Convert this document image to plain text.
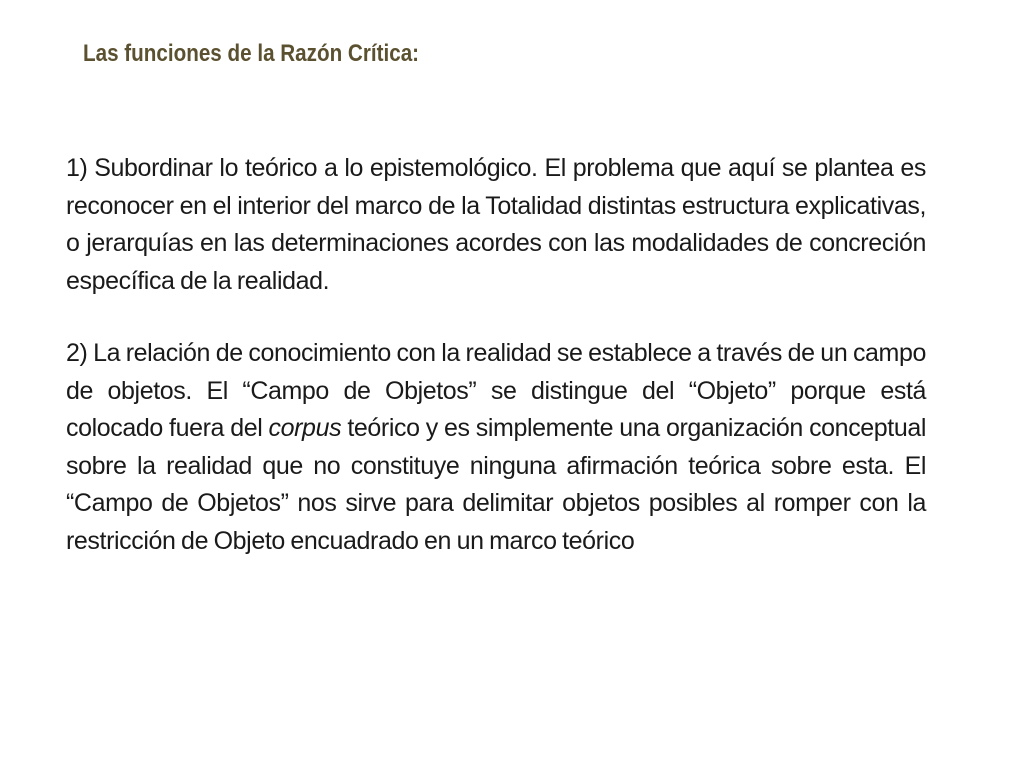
Las funciones de la Razón Crítica:

1) Subordinar lo teórico a lo epistemológico. El problema que aquí se plantea es reconocer en el interior del marco de la Totalidad distintas estructura explicativas, o jerarquías en las determinaciones acordes con las modalidades de concreción específica de la realidad.

2) La relación de conocimiento con la realidad se establece a través de un campo de objetos. El “Campo de Objetos” se distingue del “Objeto” porque está colocado fuera del corpus teórico y es simplemente una organización conceptual sobre la realidad que no constituye ninguna afirmación teórica sobre esta. El “Campo de Objetos” nos sirve para delimitar objetos posibles al romper con la restricción de Objeto encuadrado en un marco teórico
